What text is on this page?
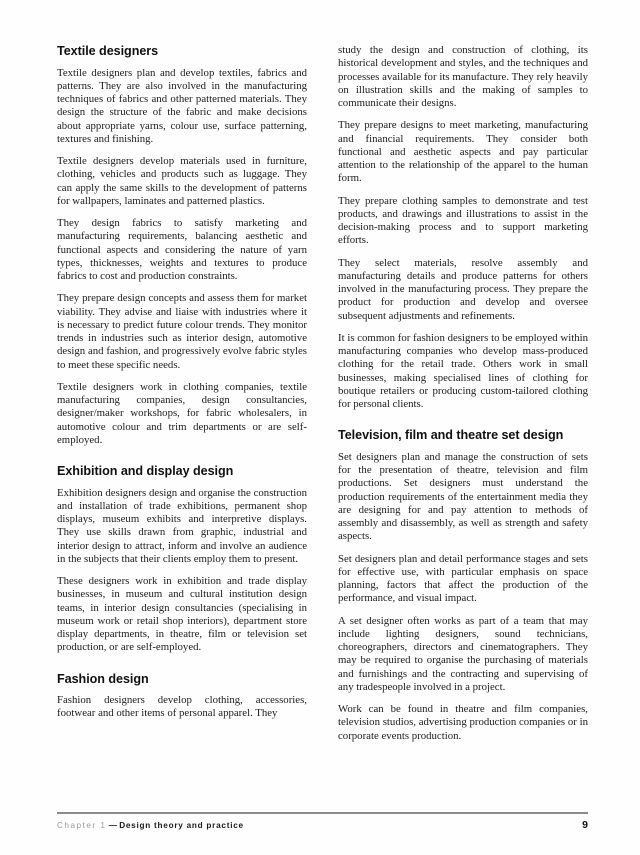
Textile designers

Textile designers plan and develop textiles, fabrics and patterns. They are also involved in the manufacturing techniques of fabrics and other patterned materials. They design the structure of the fabric and make decisions about appropriate yarns, colour use, surface patterning, textures and finishing.

Textile designers develop materials used in furniture, clothing, vehicles and products such as luggage. They can apply the same skills to the development of patterns for wallpapers, laminates and patterned plastics.

They design fabrics to satisfy marketing and manufacturing requirements, balancing aesthetic and functional aspects and considering the nature of yarn types, thicknesses, weights and textures to produce fabrics to cost and production constraints.

They prepare design concepts and assess them for market viability. They advise and liaise with industries where it is necessary to predict future colour trends. They monitor trends in industries such as interior design, automotive design and fashion, and progressively evolve fabric styles to meet these specific needs.

Textile designers work in clothing companies, textile manufacturing companies, design consultancies, designer/maker workshops, for fabric wholesalers, in automotive colour and trim departments or are self-employed.

Exhibition and display design

Exhibition designers design and organise the construction and installation of trade exhibitions, permanent shop displays, museum exhibits and interpretive displays. They use skills drawn from graphic, industrial and interior design to attract, inform and involve an audience in the subjects that their clients employ them to present.

These designers work in exhibition and trade display businesses, in museum and cultural institution design teams, in interior design consultancies (specialising in museum work or retail shop interiors), department store display departments, in theatre, film or television set production, or are self-employed.

Fashion design

Fashion designers develop clothing, accessories, footwear and other items of personal apparel. They

study the design and construction of clothing, its historical development and styles, and the techniques and processes available for its manufacture. They rely heavily on illustration skills and the making of samples to communicate their designs.

They prepare designs to meet marketing, manufacturing and financial requirements. They consider both functional and aesthetic aspects and pay particular attention to the relationship of the apparel to the human form.

They prepare clothing samples to demonstrate and test products, and drawings and illustrations to assist in the decision-making process and to support marketing efforts.

They select materials, resolve assembly and manufacturing details and produce patterns for others involved in the manufacturing process. They prepare the product for production and develop and oversee subsequent adjustments and refinements.

It is common for fashion designers to be employed within manufacturing companies who develop mass-produced clothing for the retail trade. Others work in small businesses, making specialised lines of clothing for boutique retailers or producing custom-tailored clothing for personal clients.

Television, film and theatre set design

Set designers plan and manage the construction of sets for the presentation of theatre, television and film productions. Set designers must understand the production requirements of the entertainment media they are designing for and pay attention to methods of assembly and disassembly, as well as strength and safety aspects.

Set designers plan and detail performance stages and sets for effective use, with particular emphasis on space planning, factors that affect the production of the performance, and visual impact.

A set designer often works as part of a team that may include lighting designers, sound technicians, choreographers, directors and cinematographers. They may be required to organise the purchasing of materials and furnishings and the contracting and supervising of any tradespeople involved in a project.

Work can be found in theatre and film companies, television studios, advertising production companies or in corporate events production.

Chapter 1 — Design theory and practice	9
